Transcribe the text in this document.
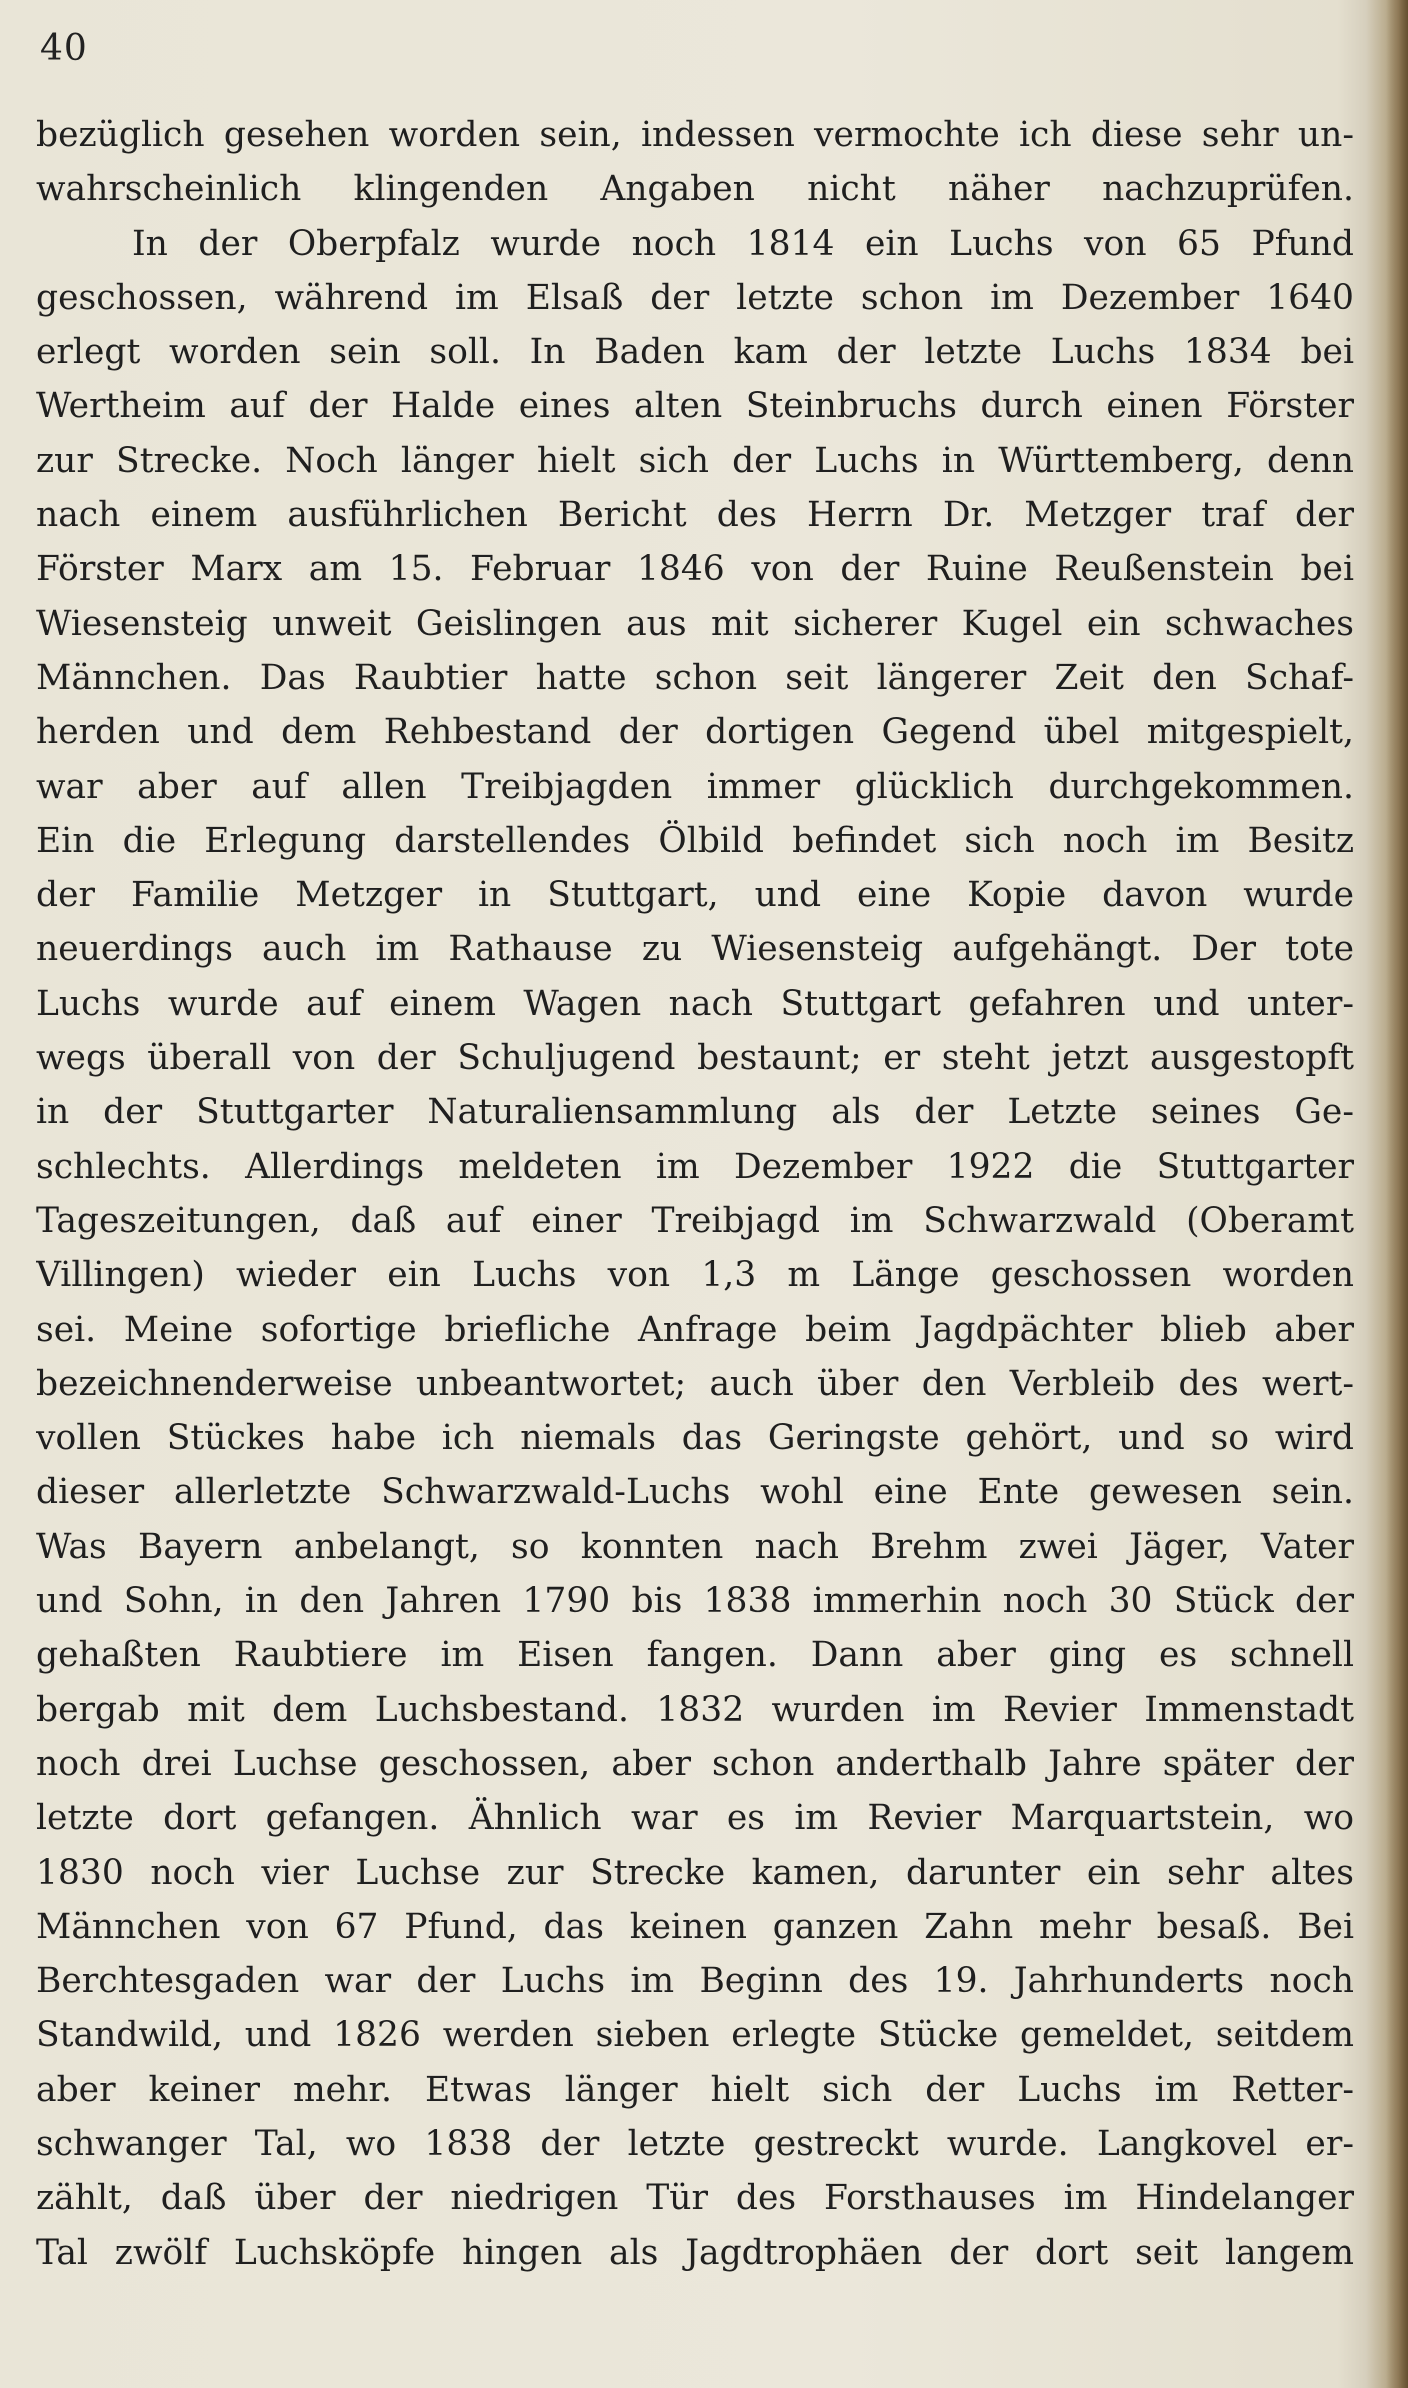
40
bezüglich gesehen worden sein, indessen vermochte ich diese sehr un-
wahrscheinlich klingenden Angaben nicht näher nachzuprüfen.
In der Oberpfalz wurde noch 1814 ein Luchs von 65 Pfund
geschossen, während im Elsaß der letzte schon im Dezember 1640
erlegt worden sein soll. In Baden kam der letzte Luchs 1834 bei
Wertheim auf der Halde eines alten Steinbruchs durch einen Förster
zur Strecke. Noch länger hielt sich der Luchs in Württemberg, denn
nach einem ausführlichen Bericht des Herrn Dr. Metzger traf der
Förster Marx am 15. Februar 1846 von der Ruine Reußenstein bei
Wiesensteig unweit Geislingen aus mit sicherer Kugel ein schwaches
Männchen. Das Raubtier hatte schon seit längerer Zeit den Schaf-
herden und dem Rehbestand der dortigen Gegend übel mitgespielt,
war aber auf allen Treibjagden immer glücklich durchgekommen.
Ein die Erlegung darstellendes Ölbild befindet sich noch im Besitz
der Familie Metzger in Stuttgart, und eine Kopie davon wurde
neuerdings auch im Rathause zu Wiesensteig aufgehängt. Der tote
Luchs wurde auf einem Wagen nach Stuttgart gefahren und unter-
wegs überall von der Schuljugend bestaunt; er steht jetzt ausgestopft
in der Stuttgarter Naturaliensammlung als der Letzte seines Ge-
schlechts. Allerdings meldeten im Dezember 1922 die Stuttgarter
Tageszeitungen, daß auf einer Treibjagd im Schwarzwald (Oberamt
Villingen) wieder ein Luchs von 1,3 m Länge geschossen worden
sei. Meine sofortige briefliche Anfrage beim Jagdpächter blieb aber
bezeichnenderweise unbeantwortet; auch über den Verbleib des wert-
vollen Stückes habe ich niemals das Geringste gehört, und so wird
dieser allerletzte Schwarzwald-Luchs wohl eine Ente gewesen sein.
Was Bayern anbelangt, so konnten nach Brehm zwei Jäger, Vater
und Sohn, in den Jahren 1790 bis 1838 immerhin noch 30 Stück der
gehaßten Raubtiere im Eisen fangen. Dann aber ging es schnell
bergab mit dem Luchsbestand. 1832 wurden im Revier Immenstadt
noch drei Luchse geschossen, aber schon anderthalb Jahre später der
letzte dort gefangen. Ähnlich war es im Revier Marquartstein, wo
1830 noch vier Luchse zur Strecke kamen, darunter ein sehr altes
Männchen von 67 Pfund, das keinen ganzen Zahn mehr besaß. Bei
Berchtesgaden war der Luchs im Beginn des 19. Jahrhunderts noch
Standwild, und 1826 werden sieben erlegte Stücke gemeldet, seitdem
aber keiner mehr. Etwas länger hielt sich der Luchs im Retter-
schwanger Tal, wo 1838 der letzte gestreckt wurde. Langkovel er-
zählt, daß über der niedrigen Tür des Forsthauses im Hindelanger
Tal zwölf Luchsköpfe hingen als Jagdtrophäen der dort seit langem
